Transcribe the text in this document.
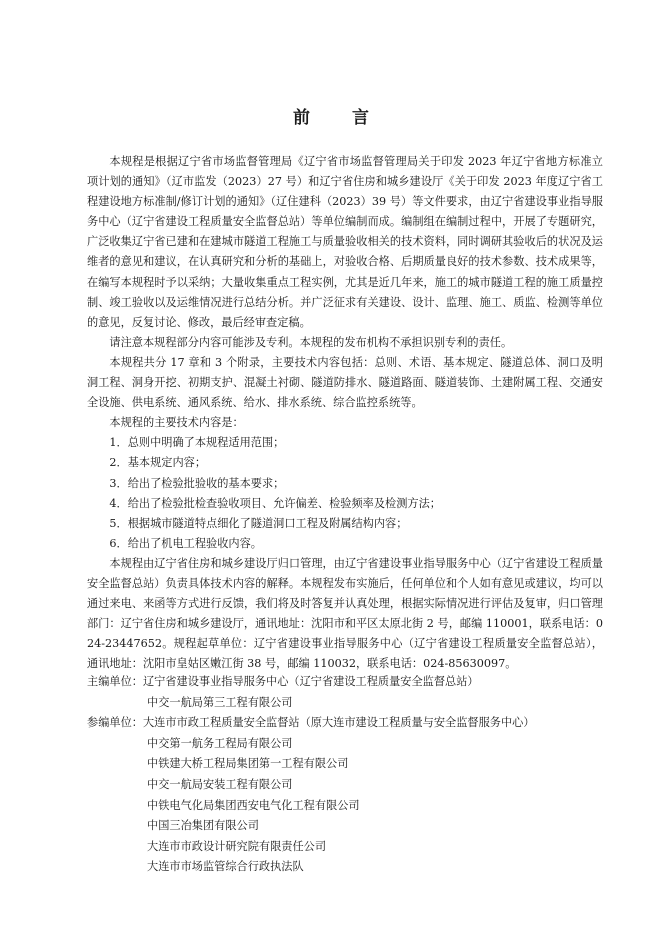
前 言

本规程是根据辽宁省市场监督管理局《辽宁省市场监督管理局关于印发 2023 年辽宁省地方标准立项计划的通知》（辽市监发（2023）27 号）和辽宁省住房和城乡建设厅《关于印发 2023 年度辽宁省工程建设地方标准制/修订计划的通知》（辽住建科（2023）39 号）等文件要求，由辽宁省建设事业指导服务中心（辽宁省建设工程质量安全监督总站）等单位编制而成。编制组在编制过程中，开展了专题研究，广泛收集辽宁省已建和在建城市隧道工程施工与质量验收相关的技术资料，同时调研其验收后的状况及运维者的意见和建议，在认真研究和分析的基础上，对验收合格、后期质量良好的技术参数、技术成果等，在编写本规程时予以采纳；大量收集重点工程实例，尤其是近几年来，施工的城市隧道工程的施工质量控制、竣工验收以及运维情况进行总结分析。并广泛征求有关建设、设计、监理、施工、质监、检测等单位的意见，反复讨论、修改，最后经审查定稿。

请注意本规程部分内容可能涉及专利。本规程的发布机构不承担识别专利的责任。

本规程共分 17 章和 3 个附录，主要技术内容包括：总则、术语、基本规定、隧道总体、洞口及明洞工程、洞身开挖、初期支护、混凝土衬砌、隧道防排水、隧道路面、隧道装饰、土建附属工程、交通安全设施、供电系统、通风系统、给水、排水系统、综合监控系统等。

本规程的主要技术内容是：

1．总则中明确了本规程适用范围；

2．基本规定内容；

3．给出了检验批验收的基本要求；

4．给出了检验批检查验收项目、允许偏差、检验频率及检测方法；

5．根据城市隧道特点细化了隧道洞口工程及附属结构内容；

6．给出了机电工程验收内容。

本规程由辽宁省住房和城乡建设厅归口管理，由辽宁省建设事业指导服务中心（辽宁省建设工程质量安全监督总站）负责具体技术内容的解释。本规程发布实施后，任何单位和个人如有意见或建议，均可以通过来电、来函等方式进行反馈，我们将及时答复并认真处理，根据实际情况进行评估及复审，归口管理部门：辽宁省住房和城乡建设厅，通讯地址：沈阳市和平区太原北街 2 号，邮编 110001，联系电话：024-23447652。规程起草单位：辽宁省建设事业指导服务中心（辽宁省建设工程质量安全监督总站），通讯地址：沈阳市皇姑区嫩江街 38 号，邮编 110032，联系电话：024-85630097。

主编单位：辽宁省建设事业指导服务中心（辽宁省建设工程质量安全监督总站）
中交一航局第三工程有限公司
参编单位：大连市市政工程质量安全监督站（原大连市建设工程质量与安全监督服务中心）
中交第一航务工程局有限公司
中铁建大桥工程局集团第一工程有限公司
中交一航局安装工程有限公司
中铁电气化局集团西安电气化工程有限公司
中国三冶集团有限公司
大连市市政设计研究院有限责任公司
大连市市场监管综合行政执法队
